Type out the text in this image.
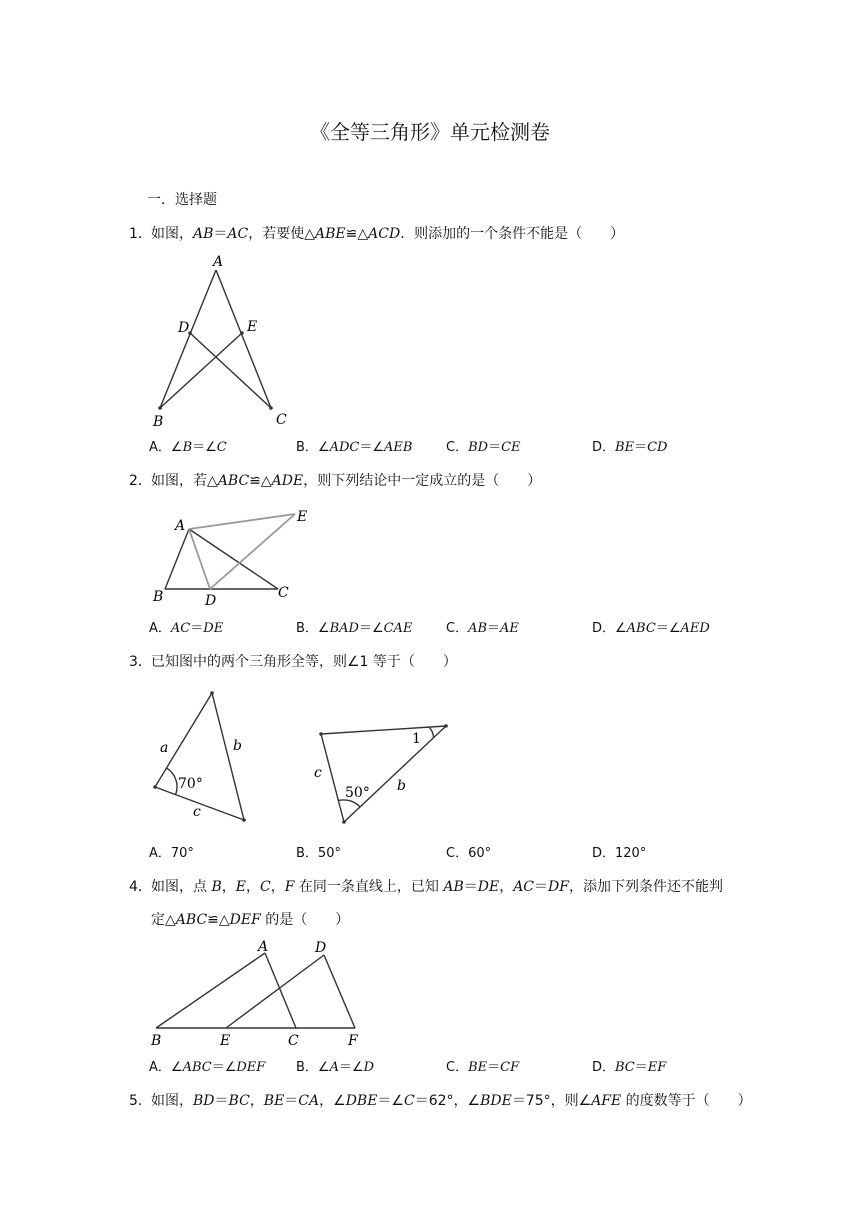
《全等三角形》单元检测卷
一．选择题
1． 如图，AB＝AC，若要使△ABE≌△ACD．则添加的一个条件不能是（　　）
A
D	E
B	C
A．∠B＝∠C	B．∠ADC＝∠AEB	C．BD＝CE	D．BE＝CD
2． 如图，若△ABC≌△ADE，则下列结论中一定成立的是（　　）
A
E
B	D	C
A．AC＝DE	B．∠BAD＝∠CAE	C．AB＝AE	D．∠ABC＝∠AED
3． 已知图中的两个三角形全等，则∠1 等于（　　）
a	b
c
70°
c
b
50°
1
A．70°	B．50°	C．60°	D．120°
4． 如图，点 B，E，C，F 在同一条直线上，已知 AB＝DE，AC＝DF，添加下列条件还不能判
定△ABC≌△DEF 的是（　　）
A	D
B	E	C	F
A．∠ABC＝∠DEF B．∠A＝∠D	C．BE＝CF	D．BC＝EF
5． 如图，BD＝BC，BE＝CA，∠DBE＝∠C＝62°，∠BDE＝75°，则∠AFE 的度数等于（　　）
